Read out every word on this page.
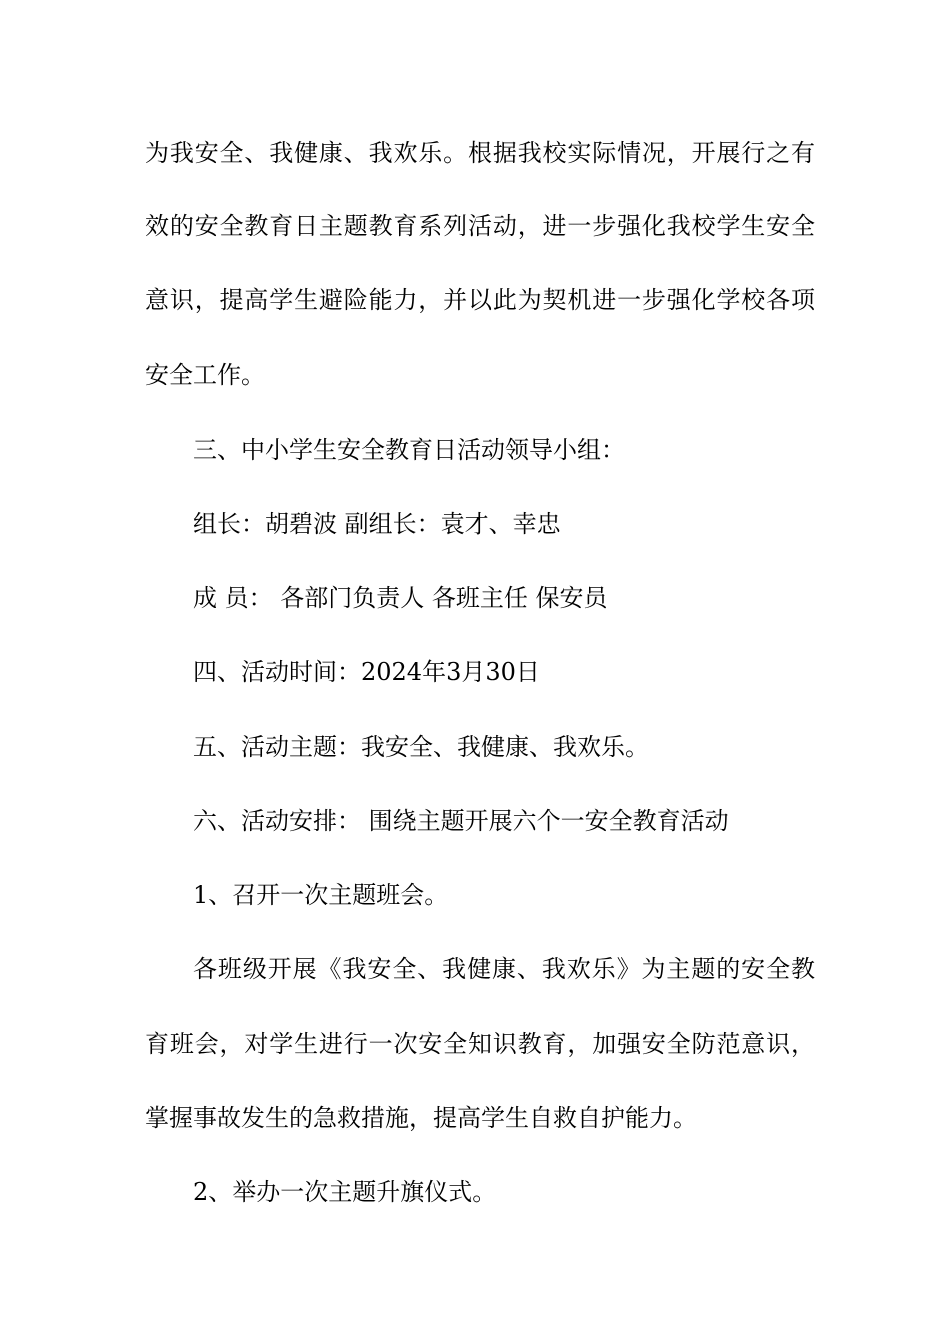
为我安全、我健康、我欢乐。根据我校实际情况，开展行之有

效的安全教育日主题教育系列活动，进一步强化我校学生安全

意识，提高学生避险能力，并以此为契机进一步强化学校各项

安全工作。

三、中小学生安全教育日活动领导小组：

组长：胡碧波 副组长：袁才、幸忠

成 员： 各部门负责人 各班主任 保安员

四、活动时间：2024年3月30日

五、活动主题：我安全、我健康、我欢乐。

六、活动安排： 围绕主题开展六个一安全教育活动

1、召开一次主题班会。

各班级开展《我安全、我健康、我欢乐》为主题的安全教

育班会，对学生进行一次安全知识教育，加强安全防范意识，

掌握事故发生的急救措施，提高学生自救自护能力。

2、举办一次主题升旗仪式。
